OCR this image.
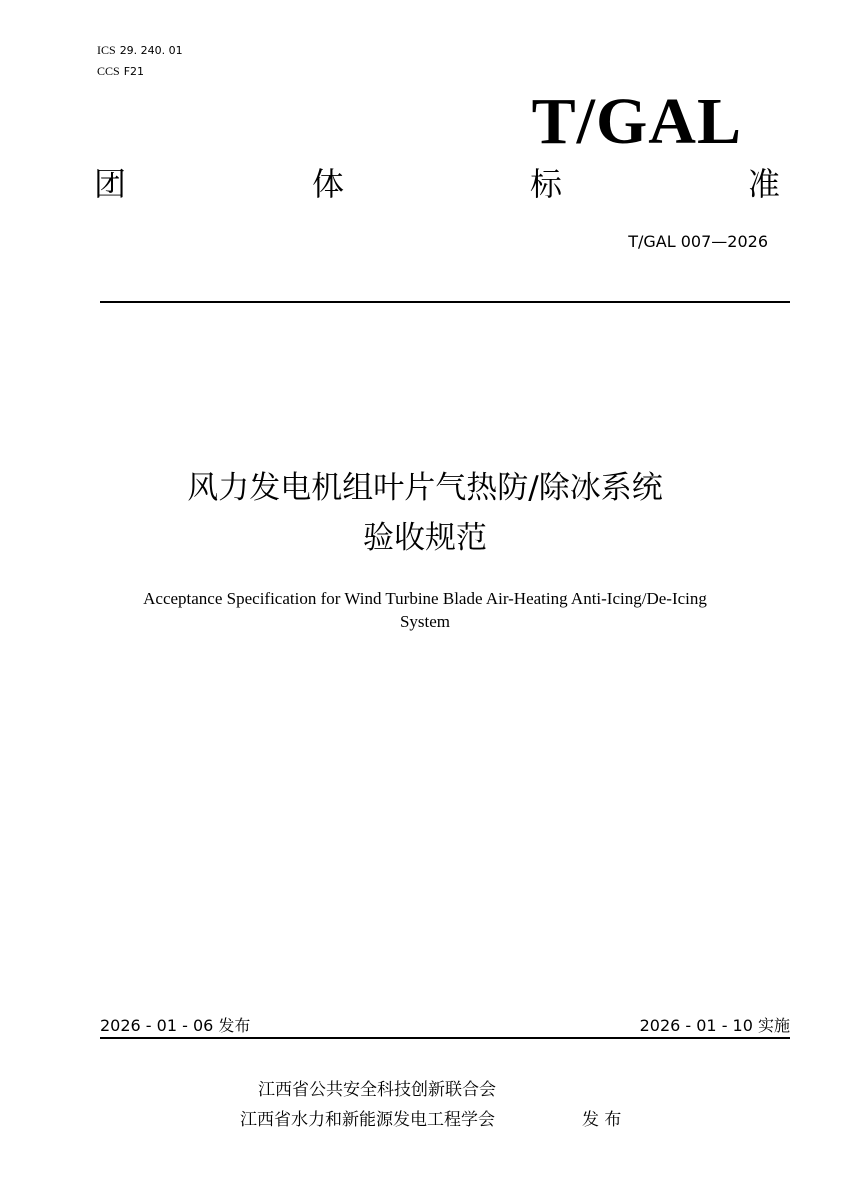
ICS 29. 240. 01
CCS F21
T/GAL
团	体	标	准
T/GAL 007—2026
风力发电机组叶片气热防/除冰系统
验收规范
Acceptance Specification for Wind Turbine Blade Air-Heating Anti-Icing/De-Icing
System
2026 - 01 - 06 发布	2026 - 01 - 10 实施
江西省公共安全科技创新联合会
江西省水力和新能源发电工程学会	发 布
